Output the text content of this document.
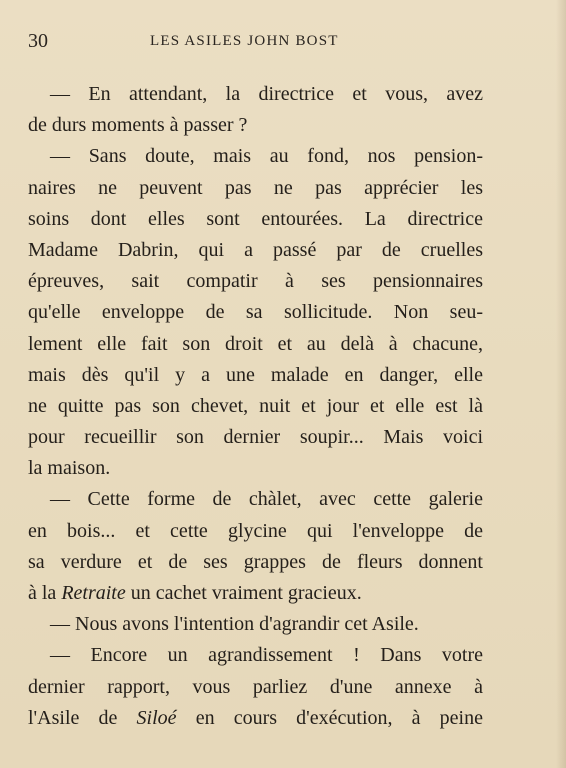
30	LES ASILES JOHN BOST
— En attendant, la directrice et vous, avez
de durs moments à passer ?
— Sans doute, mais au fond, nos pension-
naires ne peuvent pas ne pas apprécier les
soins dont elles sont entourées. La directrice
Madame Dabrin, qui a passé par de cruelles
épreuves, sait compatir à ses pensionnaires
qu'elle enveloppe de sa sollicitude. Non seu-
lement elle fait son droit et au delà à chacune,
mais dès qu'il y a une malade en danger, elle
ne quitte pas son chevet, nuit et jour et elle est là
pour recueillir son dernier soupir... Mais voici
la maison.
— Cette forme de chàlet, avec cette galerie
en bois... et cette glycine qui l'enveloppe de
sa verdure et de ses grappes de fleurs donnent
à la Retraite un cachet vraiment gracieux.
— Nous avons l'intention d'agrandir cet Asile.
— Encore un agrandissement ! Dans votre
dernier rapport, vous parliez d'une annexe à
l'Asile de Siloé en cours d'exécution, à peine
